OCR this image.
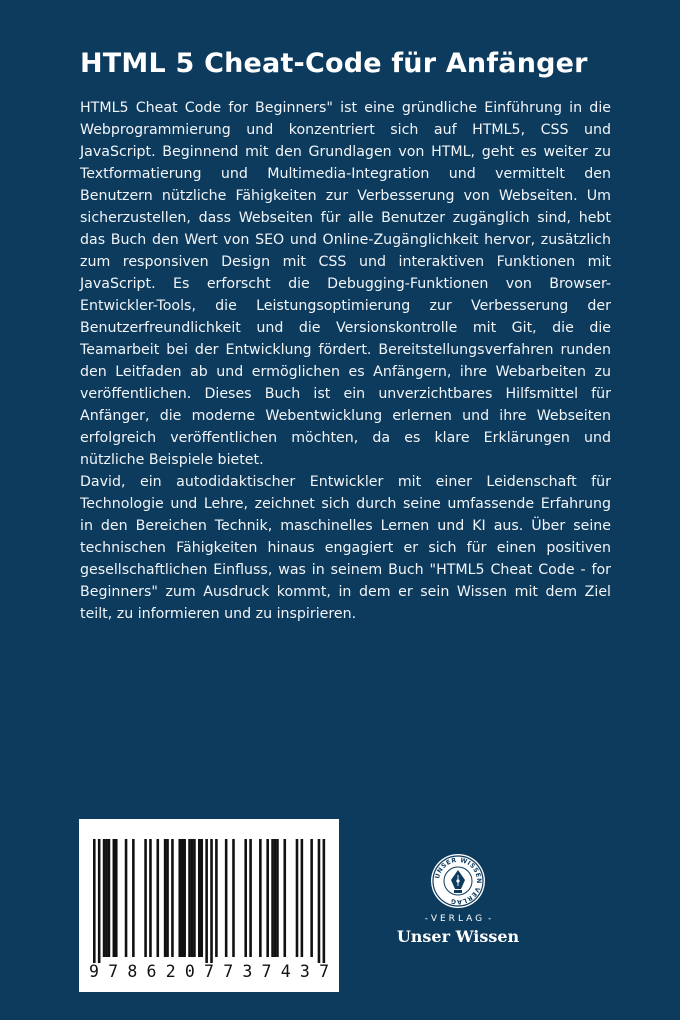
HTML 5 Cheat-Code für Anfänger

HTML5 Cheat Code for Beginners" ist eine gründliche Einführung in die Webprogrammierung und konzentriert sich auf HTML5, CSS und JavaScript. Beginnend mit den Grundlagen von HTML, geht es weiter zu Textformatierung und Multimedia-Integration und vermittelt den Benutzern nützliche Fähigkeiten zur Verbesserung von Webseiten. Um sicherzustellen, dass Webseiten für alle Benutzer zugänglich sind, hebt das Buch den Wert von SEO und Online-Zugänglichkeit hervor, zusätzlich zum responsiven Design mit CSS und interaktiven Funktionen mit JavaScript. Es erforscht die Debugging-Funktionen von Browser-Entwickler-Tools, die Leistungsoptimierung zur Verbesserung der Benutzerfreundlichkeit und die Versionskontrolle mit Git, die die Teamarbeit bei der Entwicklung fördert. Bereitstellungsverfahren runden den Leitfaden ab und ermöglichen es Anfängern, ihre Webarbeiten zu veröffentlichen. Dieses Buch ist ein unverzichtbares Hilfsmittel für Anfänger, die moderne Webentwicklung erlernen und ihre Webseiten erfolgreich veröffentlichen möchten, da es klare Erklärungen und nützliche Beispiele bietet.

David, ein autodidaktischer Entwickler mit einer Leidenschaft für Technologie und Lehre, zeichnet sich durch seine umfassende Erfahrung in den Bereichen Technik, maschinelles Lernen und KI aus. Über seine technischen Fähigkeiten hinaus engagiert er sich für einen positiven gesellschaftlichen Einfluss, was in seinem Buch "HTML5 Cheat Code - for Beginners" zum Ausdruck kommt, in dem er sein Wissen mit dem Ziel teilt, zu informieren und zu inspirieren.

9 7 8 6 2 0 7 7 3 7 4 3 7
UNSER WISSEN VERLAG
- VERLAG -
Unser Wissen
